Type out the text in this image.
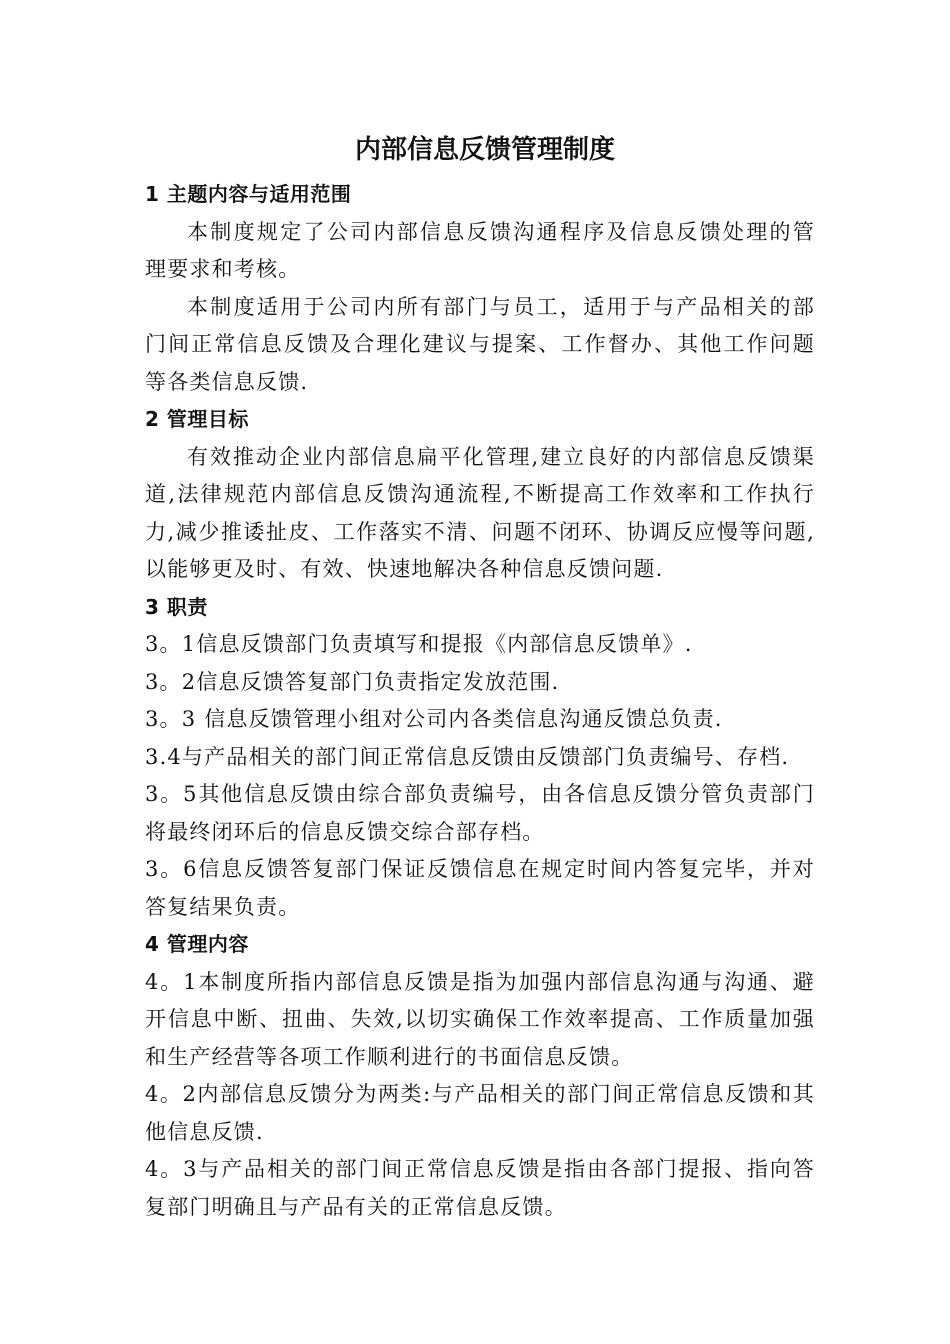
内部信息反馈管理制度
1 主题内容与适用范围
本制度规定了公司内部信息反馈沟通程序及信息反馈处理的管
理要求和考核。
本制度适用于公司内所有部门与员工，适用于与产品相关的部
门间正常信息反馈及合理化建议与提案、工作督办、其他工作问题
等各类信息反馈.
2 管理目标
有效推动企业内部信息扁平化管理,建立良好的内部信息反馈渠
道,法律规范内部信息反馈沟通流程,不断提高工作效率和工作执行
力,减少推诿扯皮、工作落实不清、问题不闭环、协调反应慢等问题,
以能够更及时、有效、快速地解决各种信息反馈问题.
3 职责
3。1信息反馈部门负责填写和提报《内部信息反馈单》.
3。2信息反馈答复部门负责指定发放范围.
3。3 信息反馈管理小组对公司内各类信息沟通反馈总负责.
3.4与产品相关的部门间正常信息反馈由反馈部门负责编号、存档.
3。5其他信息反馈由综合部负责编号，由各信息反馈分管负责部门
将最终闭环后的信息反馈交综合部存档。
3。6信息反馈答复部门保证反馈信息在规定时间内答复完毕，并对
答复结果负责。
4 管理内容
4。1本制度所指内部信息反馈是指为加强内部信息沟通与沟通、避
开信息中断、扭曲、失效,以切实确保工作效率提高、工作质量加强
和生产经营等各项工作顺利进行的书面信息反馈。
4。2内部信息反馈分为两类:与产品相关的部门间正常信息反馈和其
他信息反馈.
4。3与产品相关的部门间正常信息反馈是指由各部门提报、指向答
复部门明确且与产品有关的正常信息反馈。
